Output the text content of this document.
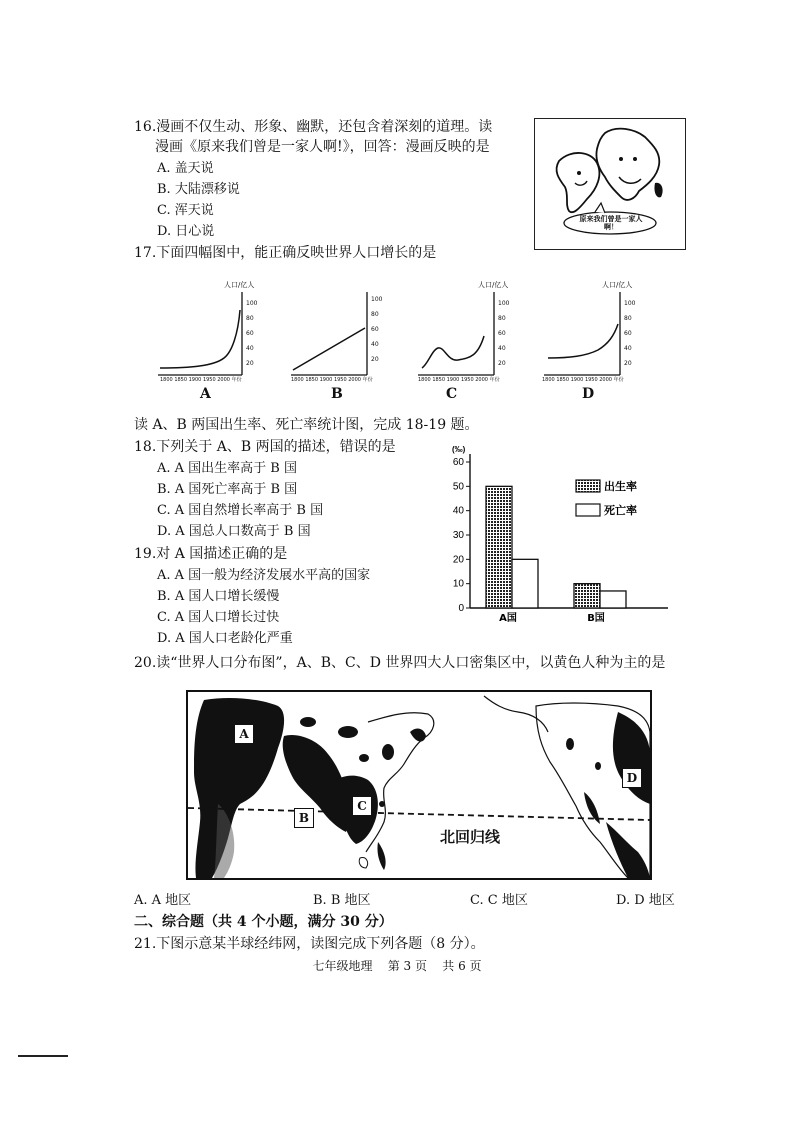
16.漫画不仅生动、形象、幽默，还包含着深刻的道理。读
漫画《原来我们曾是一家人啊!》，回答：漫画反映的是
A. 盖天说
B. 大陆漂移说
C. 浑天说
D. 日心说
原来我们曾是一家人啊！
17.下面四幅图中，能正确反映世界人口增长的是
人口/亿人
100
80
60
40
20
1800 1850 1900 1950 2000 年份
A
100
80
60
40
20
1800 1850 1900 1950 2000 年份
B
人口/亿人
100
80
60
40
20
1800 1850 1900 1950 2000 年份
C
人口/亿人
100
80
60
40
20
1800 1850 1900 1950 2000 年份
D
读 A、B 两国出生率、死亡率统计图，完成 18-19 题。
18.下列关于 A、B 两国的描述，错误的是
A. A 国出生率高于 B 国
B. A 国死亡率高于 B 国
C. A 国自然增长率高于 B 国
D. A 国总人口数高于 B 国
19.对 A 国描述正确的是
A. A 国一般为经济发展水平高的国家
B. A 国人口增长缓慢
C. A 国人口增长过快
D. A 国人口老龄化严重
60
50
40
30
20
10
0
(‰)
A国	B国
出生率
死亡率
20.读“世界人口分布图”，A、B、C、D 世界四大人口密集区中，以黄色人种为主的是
A
B
C
D
北回归线
A. A 地区	B. B 地区	C. C 地区	D. D 地区
二、综合题（共 4 个小题，满分 30 分）
21.下图示意某半球经纬网，读图完成下列各题（8 分）。
七年级地理    第 3 页    共 6 页
